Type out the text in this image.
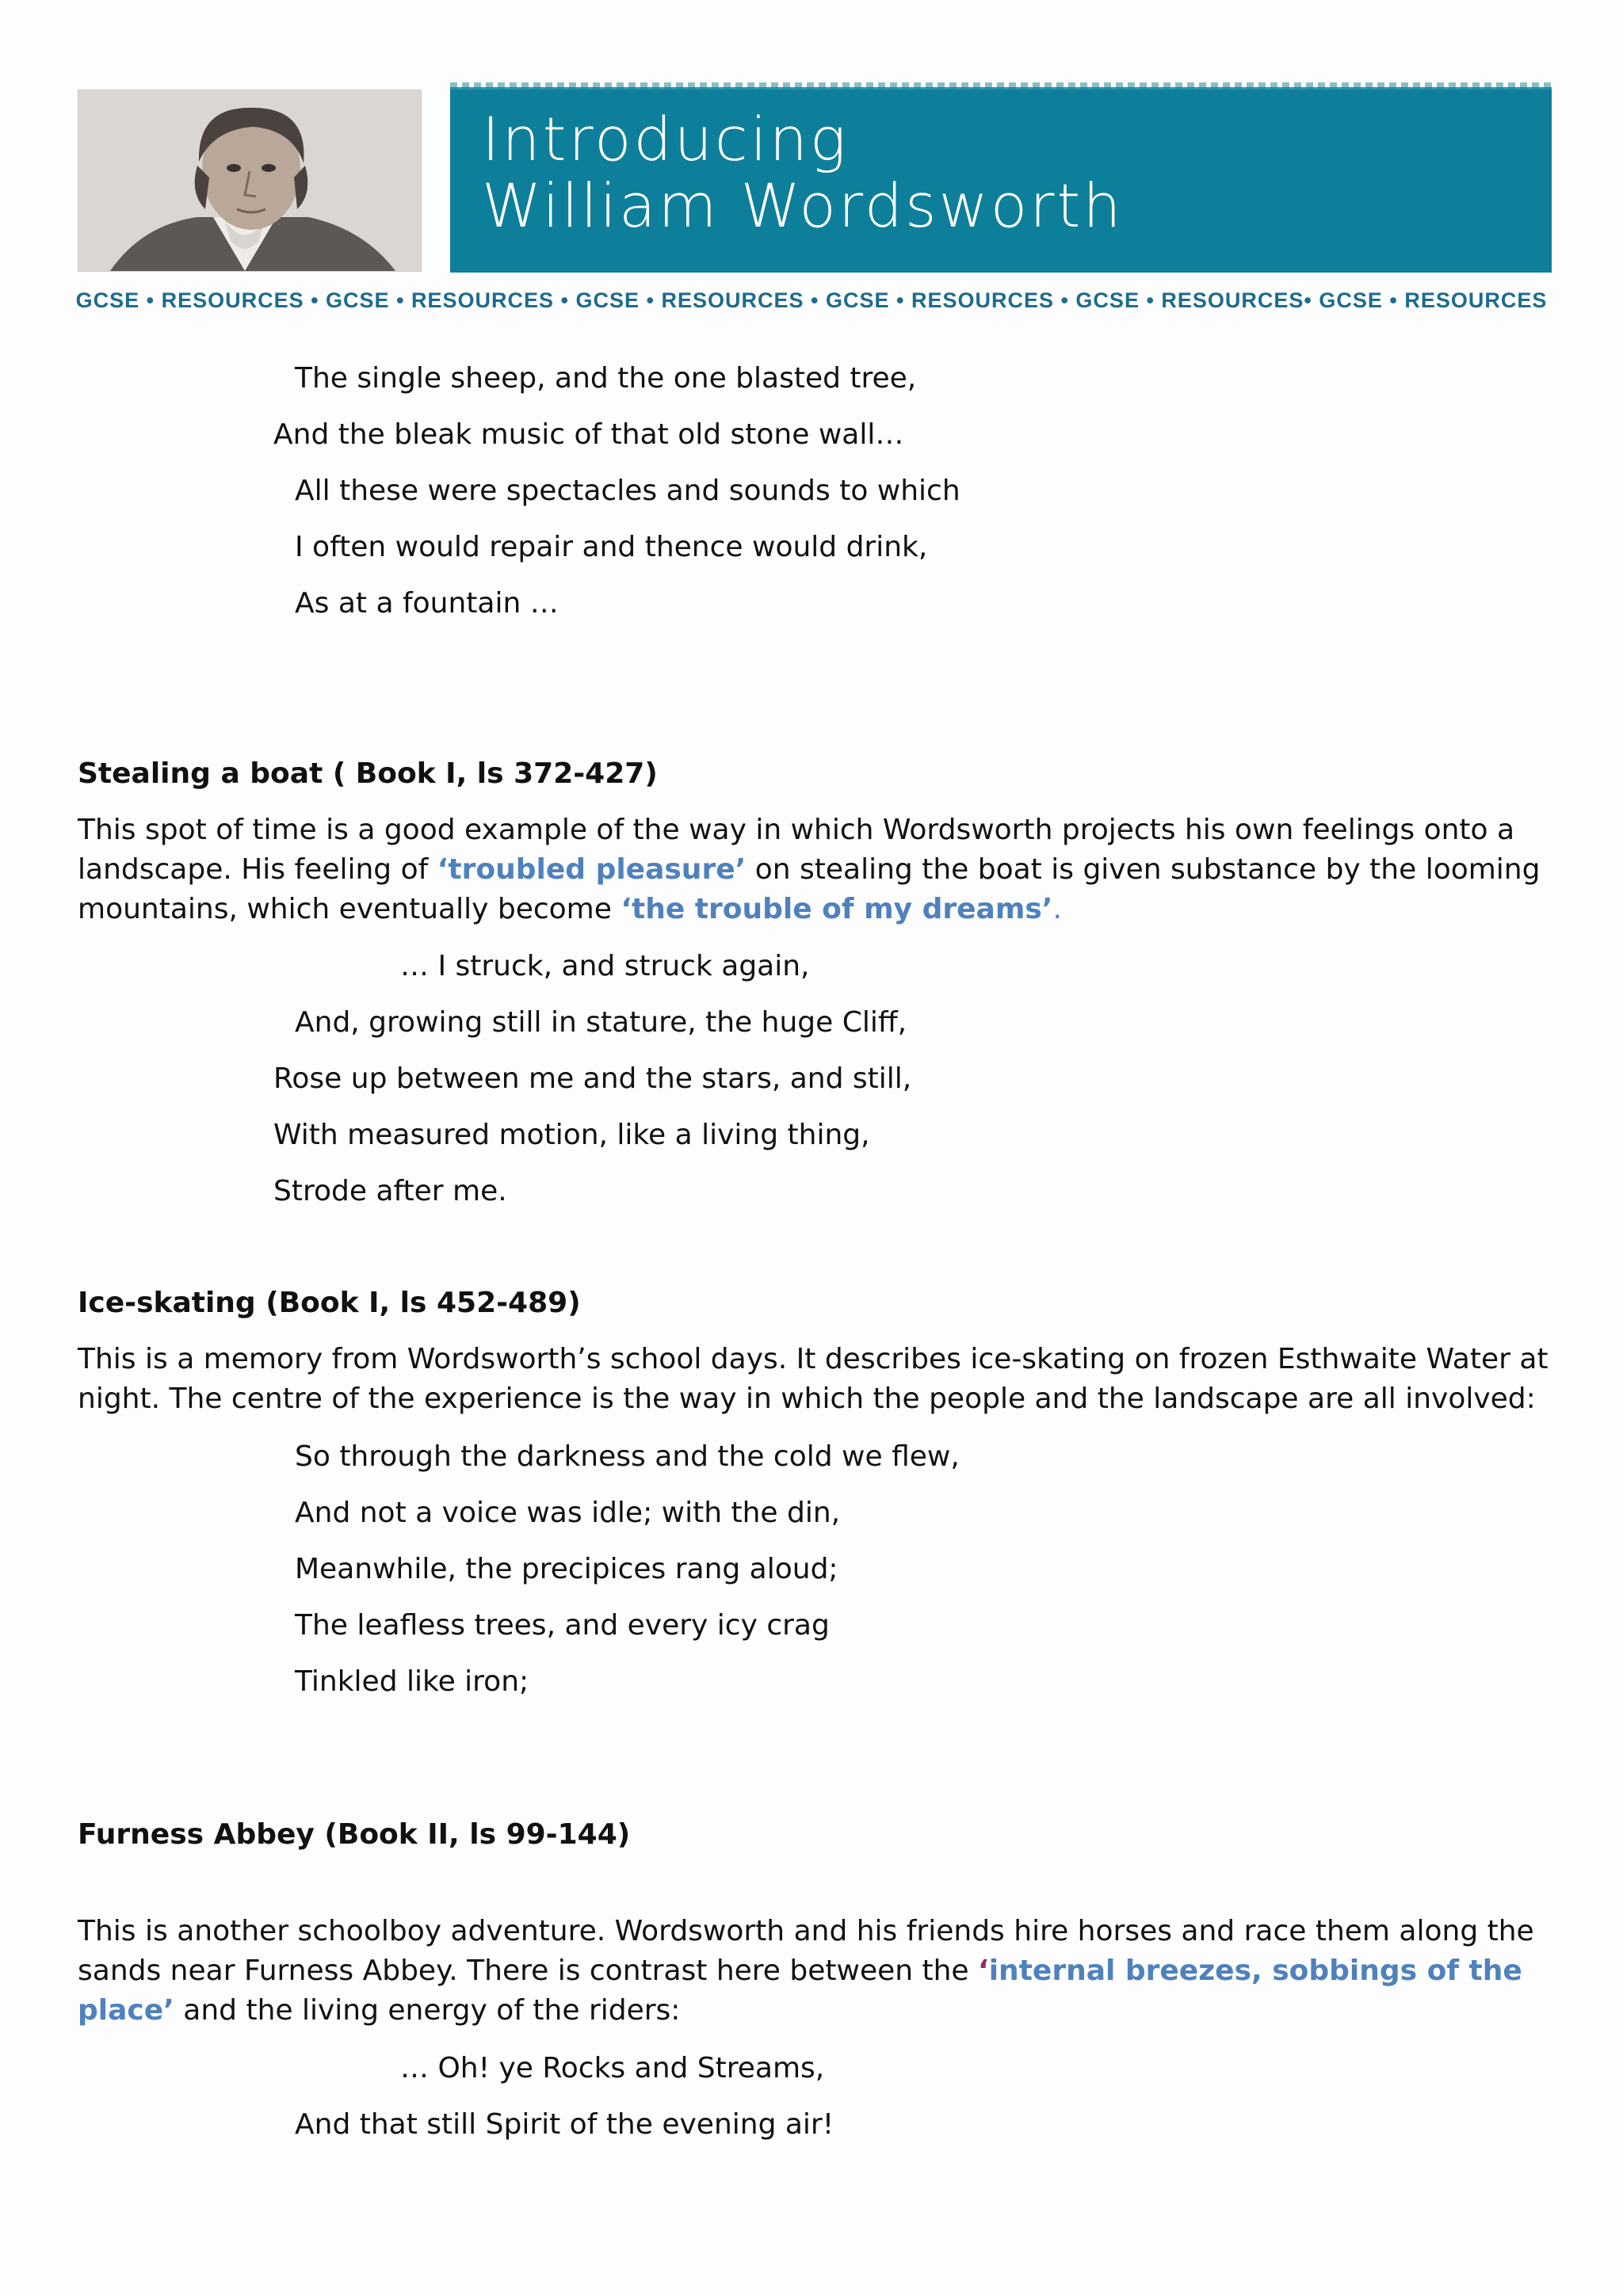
Introducing
William Wordsworth
GCSE • RESOURCES • GCSE • RESOURCES • GCSE • RESOURCES • GCSE • RESOURCES • GCSE • RESOURCES• GCSE • RESOURCES
The single sheep, and the one blasted tree,
And the bleak music of that old stone wall…
All these were spectacles and sounds to which
I often would repair and thence would drink,
As at a fountain …
Stealing a boat ( Book I, ls 372-427)
This spot of time is a good example of the way in which Wordsworth projects his own feelings onto a landscape. His feeling of ‘troubled pleasure’ on stealing the boat is given substance by the looming mountains, which eventually become ‘the trouble of my dreams’.
… I struck, and struck again,
And, growing still in stature, the huge Cliff,
Rose up between me and the stars, and still,
With measured motion, like a living thing,
Strode after me.
Ice-skating (Book I, ls 452-489)
This is a memory from Wordsworth’s school days. It describes ice-skating on frozen Esthwaite Water at night. The centre of the experience is the way in which the people and the landscape are all involved:
So through the darkness and the cold we flew,
And not a voice was idle; with the din,
Meanwhile, the precipices rang aloud;
The leafless trees, and every icy crag
Tinkled like iron;
Furness Abbey (Book II, ls 99-144)
This is another schoolboy adventure. Wordsworth and his friends hire horses and race them along the sands near Furness Abbey. There is contrast here between the ‘internal breezes, sobbings of the place’ and the living energy of the riders:
… Oh! ye Rocks and Streams,
And that still Spirit of the evening air!
